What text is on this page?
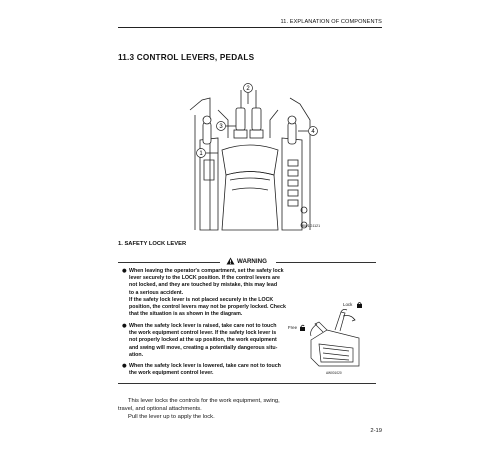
11. EXPLANATION OF COMPONENTS
11.3 CONTROL LEVERS, PEDALS
1
2
3
4
AW1G1121
1. SAFETY LOCK LEVER
WARNING
● When leaving the operator's compartment, set the safety lock
lever securely to the LOCK position. If the control levers are
not locked, and they are touched by mistake, this may lead
to a serious accident.
If the safety lock lever is not placed securely in the LOCK
position, the control levers may not be properly locked. Check
that the situation is as shown in the diagram.
● When the safety lock lever is raised, take care not to touch
the work equipment control lever. If the safety lock lever is
not properly locked at the up position, the work equipment
and swing will move, creating a potentially dangerous situ-
ation.
● When the safety lock lever is lowered, take care not to touch
the work equipment control lever.
Lock
Free
AW001020
This lever locks the controls for the work equipment, swing,
travel, and optional attachments.
Pull the lever up to apply the lock.
2-19
